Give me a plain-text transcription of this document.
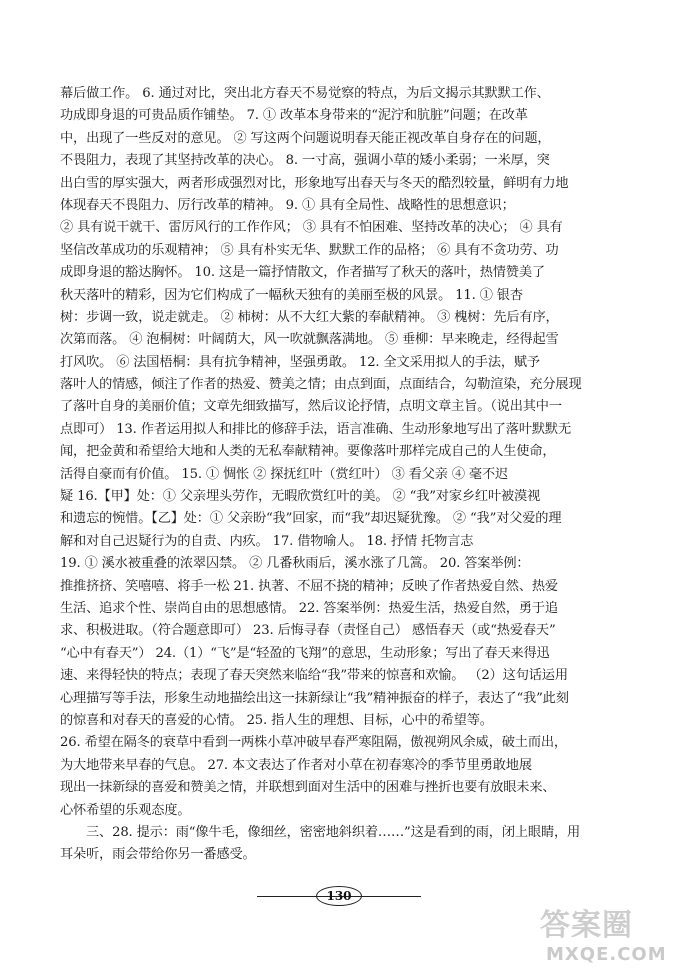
幕后做工作。 6. 通过对比，突出北方春天不易觉察的特点，为后文揭示其默默工作、
功成即身退的可贵品质作铺垫。 7. ① 改革本身带来的“泥泞和肮脏”问题；在改革
中，出现了一些反对的意见。 ② 写这两个问题说明春天能正视改革自身存在的问题，
不畏阻力，表现了其坚持改革的决心。 8. 一寸高，强调小草的矮小柔弱；一米厚，突
出白雪的厚实强大，两者形成强烈对比，形象地写出春天与冬天的酷烈较量，鲜明有力地
体现春天不畏阻力、厉行改革的精神。 9. ① 具有全局性、战略性的思想意识；
② 具有说干就干、雷厉风行的工作作风； ③ 具有不怕困难、坚持改革的决心； ④ 具有
坚信改革成功的乐观精神； ⑤ 具有朴实无华、默默工作的品格； ⑥ 具有不贪功劳、功
成即身退的豁达胸怀。 10. 这是一篇抒情散文，作者描写了秋天的落叶，热情赞美了
秋天落叶的精彩，因为它们构成了一幅秋天独有的美丽至极的风景。 11. ① 银杏
树：步调一致，说走就走。 ② 柿树：从不大红大紫的奉献精神。 ③ 槐树：先后有序，
次第而落。 ④ 泡桐树：叶阔荫大，风一吹就飘落满地。 ⑤ 垂柳：早来晚走，经得起雪
打风吹。 ⑥ 法国梧桐：具有抗争精神，坚强勇敢。 12. 全文采用拟人的手法，赋予
落叶人的情感，倾注了作者的热爱、赞美之情；由点到面，点面结合，勾勒渲染，充分展现
了落叶自身的美丽价值；文章先细致描写，然后议论抒情，点明文章主旨。（说出其中一
点即可） 13. 作者运用拟人和排比的修辞手法，语言准确、生动形象地写出了落叶默默无
闻，把金黄和希望给大地和人类的无私奉献精神。要像落叶那样完成自己的人生使命，
活得自豪而有价值。 15. ① 惆怅 ② 探抚红叶（赏红叶） ③ 看父亲 ④ 毫不迟
疑 16.【甲】处：① 父亲埋头劳作，无暇欣赏红叶的美。 ② “我”对家乡红叶被漠视
和遗忘的惋惜。【乙】处：① 父亲盼“我”回家，而“我”却迟疑犹豫。 ② “我”对父爱的理
解和对自己迟疑行为的自责、内疚。 17. 借物喻人。 18. 抒情 托物言志
19. ① 溪水被重叠的浓翠囚禁。 ② 几番秋雨后，溪水涨了几篙。 20. 答案举例：
推推挤挤、笑嘻嘻、将手一松 21. 执著、不屈不挠的精神；反映了作者热爱自然、热爱
生活、追求个性、崇尚自由的思想感情。 22. 答案举例：热爱生活，热爱自然，勇于追
求、积极进取。（符合题意即可） 23. 后悔寻春（责怪自己） 感悟春天（或“热爱春天”
“心中有春天”） 24.（1）“飞”是“轻盈的飞翔”的意思，生动形象；写出了春天来得迅
速、来得轻快的特点；表现了春天突然来临给“我”带来的惊喜和欢愉。 （2）这句话运用
心理描写等手法，形象生动地描绘出这一抹新绿让“我”精神振奋的样子，表达了“我”此刻
的惊喜和对春天的喜爱的心情。 25. 指人生的理想、目标，心中的希望等。
26. 希望在隔冬的衰草中看到一两株小草冲破早春严寒阻隔，傲视朔风余威，破土而出，
为大地带来早春的气息。 27. 本文表达了作者对小草在初春寒冷的季节里勇敢地展
现出一抹新绿的喜爱和赞美之情，并联想到面对生活中的困难与挫折也要有放眼未来、
心怀希望的乐观态度。
三、28. 提示：雨“像牛毛，像细丝，密密地斜织着……”这是看到的雨，闭上眼睛，用
耳朵听，雨会带给你另一番感受。
130
答案圈
MXQE.COM
